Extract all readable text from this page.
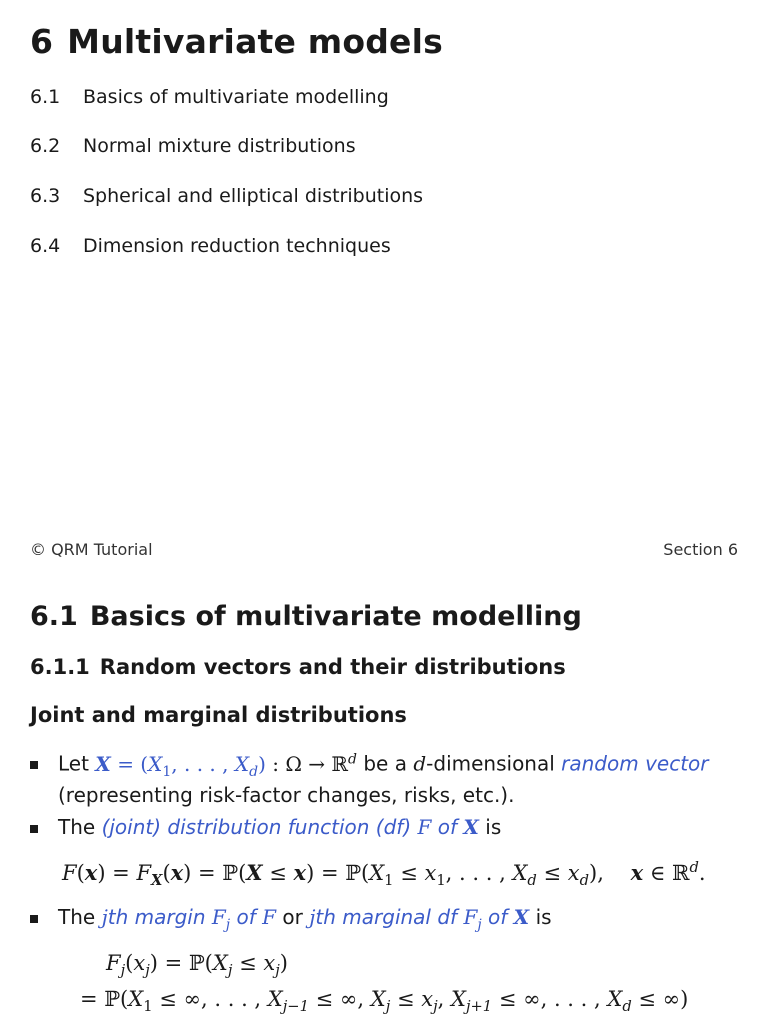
6 Multivariate models
6.1 Basics of multivariate modelling
6.2 Normal mixture distributions
6.3 Spherical and elliptical distributions
6.4 Dimension reduction techniques
© QRM Tutorial	Section 6
6.1 Basics of multivariate modelling
6.1.1 Random vectors and their distributions
Joint and marginal distributions
Let $X = (X_1$, . . . , $X_d$) : Ω → ℝ$^d$ be a d-dimensional random vector
(representing risk-factor changes, risks, etc.).
The (joint) distribution function (df) F of X is
$F(x) = F_X(x)$ = ℙ(X ≤ $x) = ℙ(X_1 \le x_1$, . . . , $X_d \le x_d$),    x ∈ ℝ$^d$.
The jth margin $F_j$ of F or jth marginal df $F_j$ of X is
$F_j(x_j)$ = $ℙ(X_j \le x_j)$
= $ℙ(X_1$ ≤ ∞, . . . , $X_{j-1}$ ≤ ∞, $X_j \le x_j$, $X_{j+1}$ ≤ ∞, . . . , $X_d$ ≤ ∞)
